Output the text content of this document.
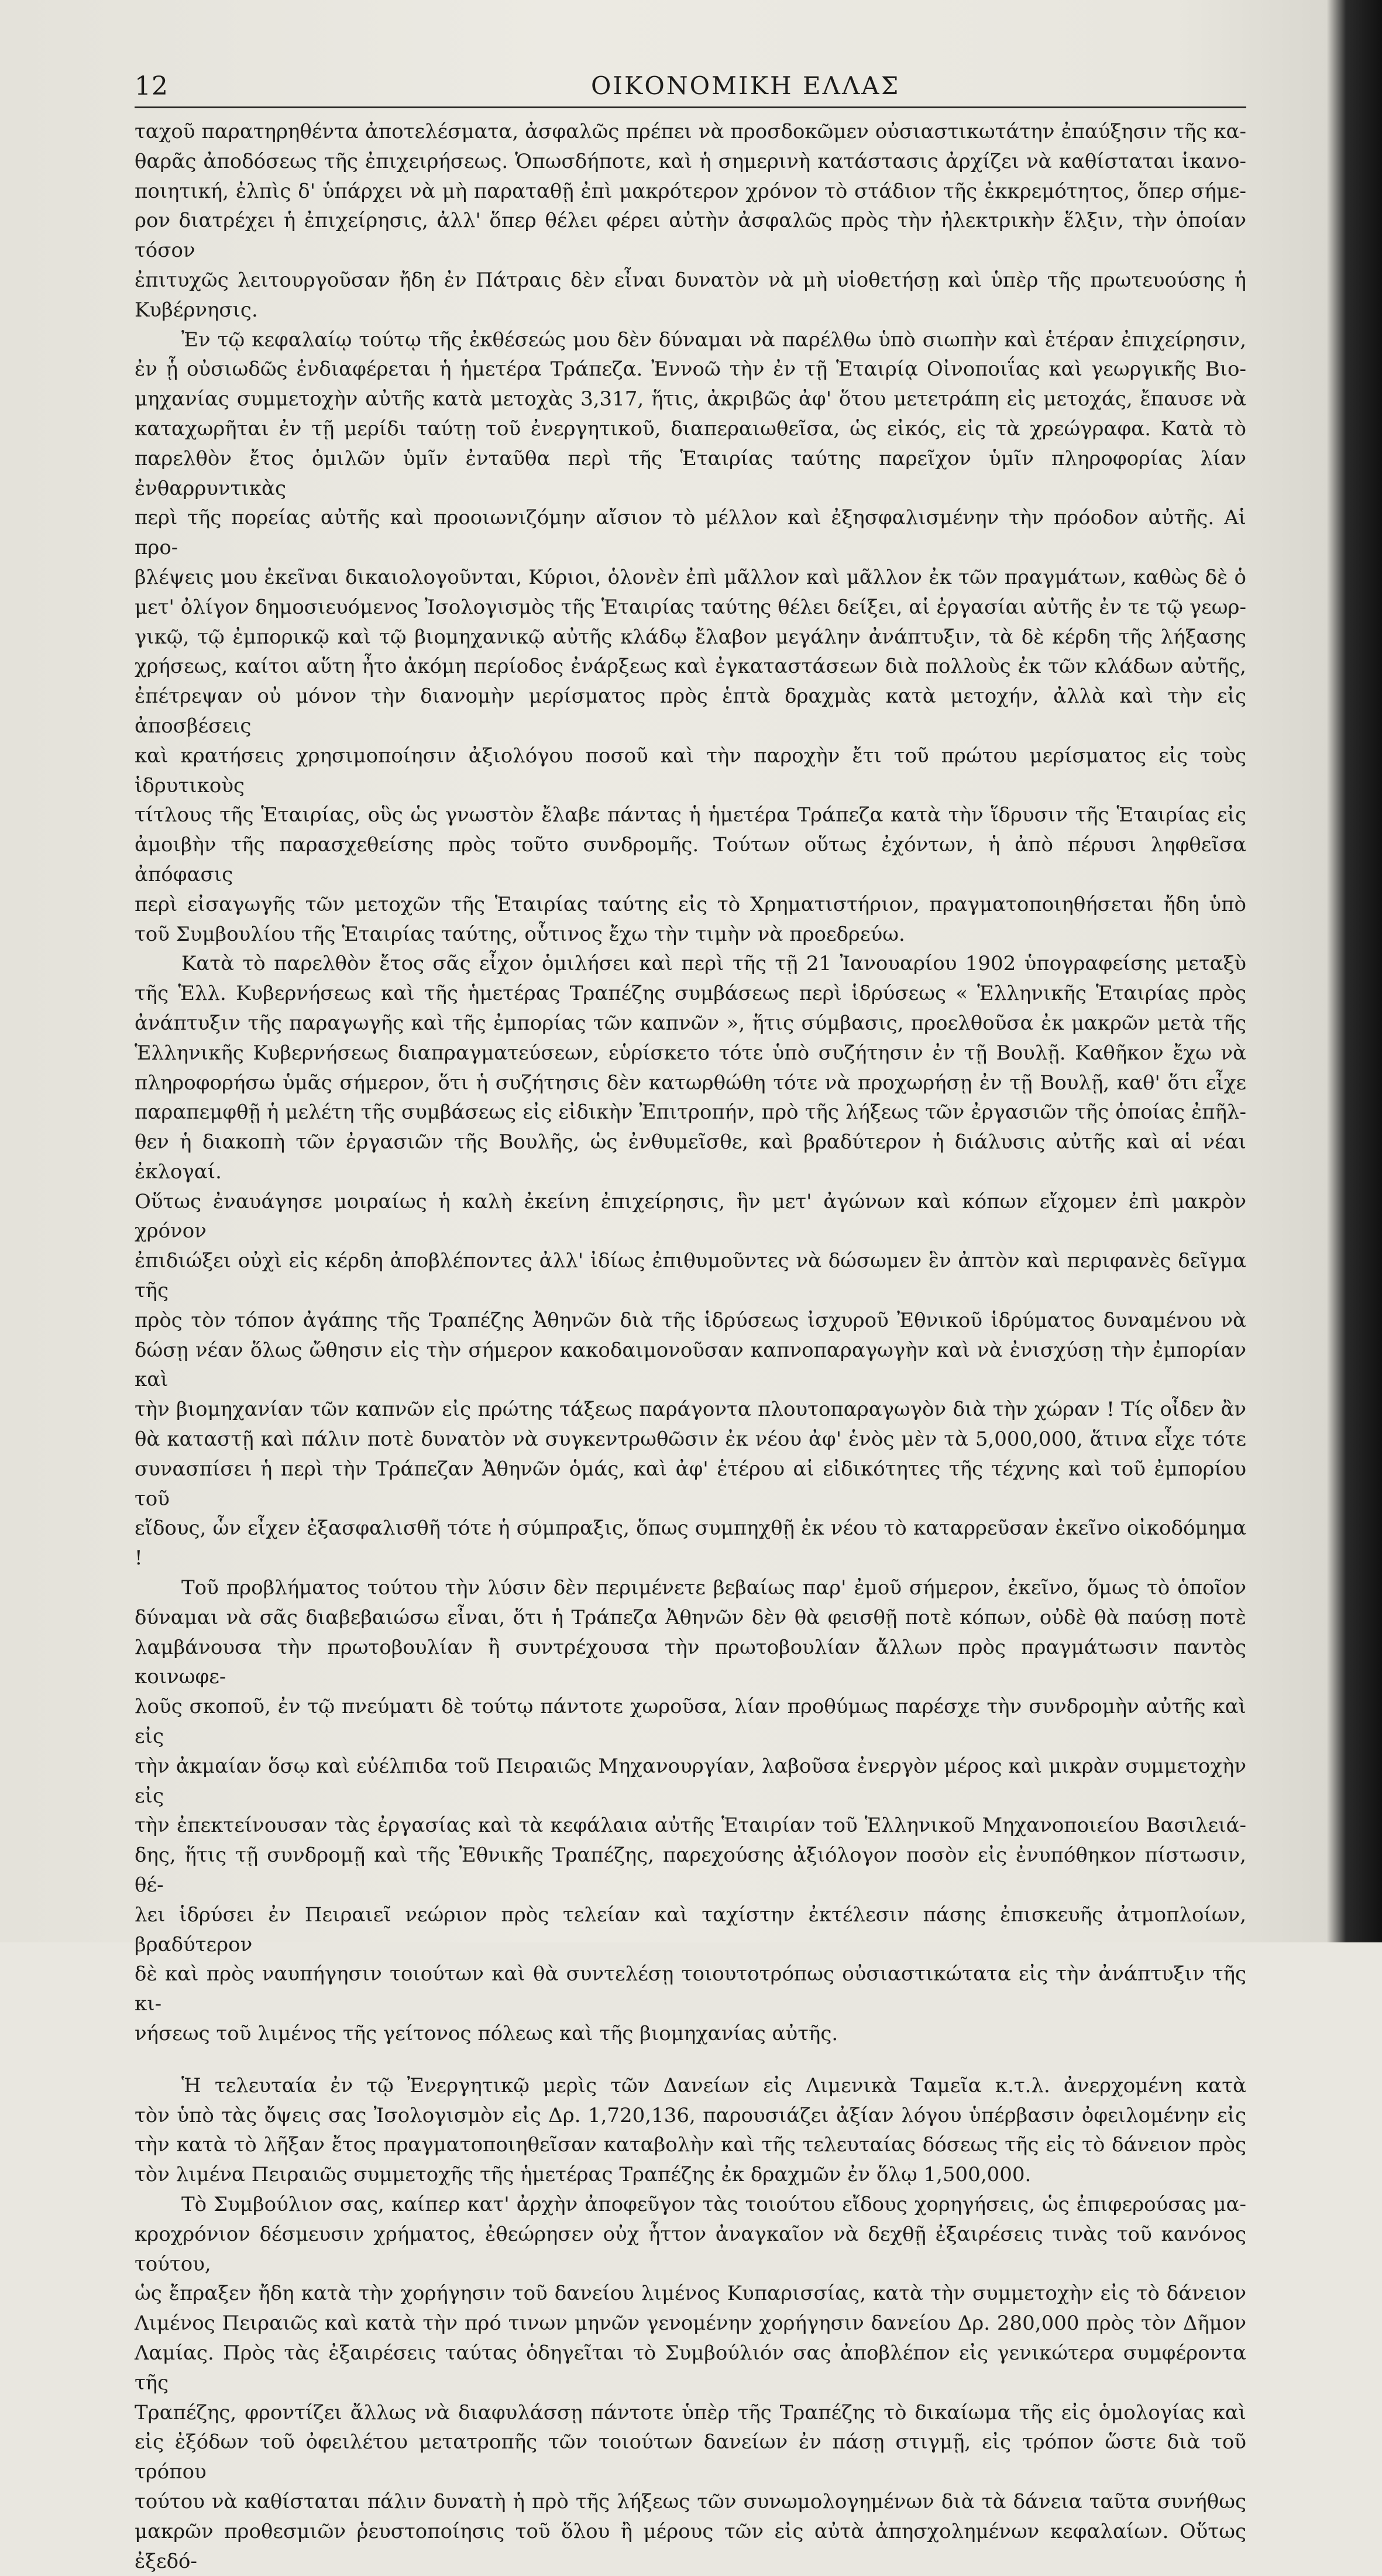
12	ΟΙΚΟΝΟΜΙΚΗ ΕΛΛΑΣ

ταχοῦ παρατηρηθέντα ἀποτελέσματα, ἀσφαλῶς πρέπει νὰ προσδοκῶμεν οὐσιαστικωτάτην ἐπαύξησιν τῆς κα-

θαρᾶς ἀποδόσεως τῆς ἐπιχειρήσεως. Ὁπωσδήποτε, καὶ ἡ σημερινὴ κατάστασις ἀρχίζει νὰ καθίσταται ἱκανο-

ποιητική, ἐλπὶς δ' ὑπάρχει νὰ μὴ παραταθῇ ἐπὶ μακρότερον χρόνον τὸ στάδιον τῆς ἐκκρεμότητος, ὅπερ σήμε-

ρον διατρέχει ἡ ἐπιχείρησις, ἀλλ' ὅπερ θέλει φέρει αὐτὴν ἀσφαλῶς πρὸς τὴν ἠλεκτρικὴν ἕλξιν, τὴν ὁποίαν τόσον

ἐπιτυχῶς λειτουργοῦσαν ἤδη ἐν Πάτραις δὲν εἶναι δυνατὸν νὰ μὴ υἱοθετήσῃ καὶ ὑπὲρ τῆς πρωτευούσης ἡ

Κυβέρνησις.

Ἐν τῷ κεφαλαίῳ τούτῳ τῆς ἐκθέσεώς μου δὲν δύναμαι νὰ παρέλθω ὑπὸ σιωπὴν καὶ ἑτέραν ἐπιχείρησιν,

ἐν ᾗ οὐσιωδῶς ἐνδιαφέρεται ἡ ἡμετέρα Τράπεζα. Ἐννοῶ τὴν ἐν τῇ Ἑταιρίᾳ Οἰνοποιΐας καὶ γεωργικῆς Βιο-

μηχανίας συμμετοχὴν αὐτῆς κατὰ μετοχὰς 3,317, ἥτις, ἀκριβῶς ἀφ' ὅτου μετετράπη εἰς μετοχάς, ἔπαυσε νὰ

καταχωρῆται ἐν τῇ μερίδι ταύτῃ τοῦ ἐνεργητικοῦ, διαπεραιωθεῖσα, ὡς εἰκός, εἰς τὰ χρεώγραφα. Κατὰ τὸ

παρελθὸν ἔτος ὁμιλῶν ὑμῖν ἐνταῦθα περὶ τῆς Ἑταιρίας ταύτης παρεῖχον ὑμῖν πληροφορίας λίαν ἐνθαρρυντικὰς

περὶ τῆς πορείας αὐτῆς καὶ προοιωνιζόμην αἴσιον τὸ μέλλον καὶ ἐξησφαλισμένην τὴν πρόοδον αὐτῆς. Αἱ προ-

βλέψεις μου ἐκεῖναι δικαιολογοῦνται, Κύριοι, ὁλονὲν ἐπὶ μᾶλλον καὶ μᾶλλον ἐκ τῶν πραγμάτων, καθὼς δὲ ὁ

μετ' ὀλίγον δημοσιευόμενος Ἰσολογισμὸς τῆς Ἑταιρίας ταύτης θέλει δείξει, αἱ ἐργασίαι αὐτῆς ἐν τε τῷ γεωρ-

γικῷ, τῷ ἐμπορικῷ καὶ τῷ βιομηχανικῷ αὐτῆς κλάδῳ ἔλαβον μεγάλην ἀνάπτυξιν, τὰ δὲ κέρδη τῆς λήξασης

χρήσεως, καίτοι αὕτη ἦτο ἀκόμη περίοδος ἐνάρξεως καὶ ἐγκαταστάσεων διὰ πολλοὺς ἐκ τῶν κλάδων αὐτῆς,

ἐπέτρεψαν οὐ μόνον τὴν διανομὴν μερίσματος πρὸς ἑπτὰ δραχμὰς κατὰ μετοχήν, ἀλλὰ καὶ τὴν εἰς ἀποσβέσεις

καὶ κρατήσεις χρησιμοποίησιν ἀξιολόγου ποσοῦ καὶ τὴν παροχὴν ἔτι τοῦ πρώτου μερίσματος εἰς τοὺς ἱδρυτικοὺς

τίτλους τῆς Ἑταιρίας, οὓς ὡς γνωστὸν ἔλαβε πάντας ἡ ἡμετέρα Τράπεζα κατὰ τὴν ἵδρυσιν τῆς Ἑταιρίας εἰς

ἀμοιβὴν τῆς παρασχεθείσης πρὸς τοῦτο συνδρομῆς. Τούτων οὕτως ἐχόντων, ἡ ἀπὸ πέρυσι ληφθεῖσα ἀπόφασις

περὶ εἰσαγωγῆς τῶν μετοχῶν τῆς Ἑταιρίας ταύτης εἰς τὸ Χρηματιστήριον, πραγματοποιηθήσεται ἤδη ὑπὸ

τοῦ Συμβουλίου τῆς Ἑταιρίας ταύτης, οὗτινος ἔχω τὴν τιμὴν νὰ προεδρεύω.

Κατὰ τὸ παρελθὸν ἔτος σᾶς εἶχον ὁμιλήσει καὶ περὶ τῆς τῇ 21 Ἰανουαρίου 1902 ὑπογραφείσης μεταξὺ

τῆς Ἑλλ. Κυβερνήσεως καὶ τῆς ἡμετέρας Τραπέζης συμβάσεως περὶ ἱδρύσεως « Ἑλληνικῆς Ἑταιρίας πρὸς

ἀνάπτυξιν τῆς παραγωγῆς καὶ τῆς ἐμπορίας τῶν καπνῶν », ἥτις σύμβασις, προελθοῦσα ἐκ μακρῶν μετὰ τῆς

Ἑλληνικῆς Κυβερνήσεως διαπραγματεύσεων, εὑρίσκετο τότε ὑπὸ συζήτησιν ἐν τῇ Βουλῇ. Καθῆκον ἔχω νὰ

πληροφορήσω ὑμᾶς σήμερον, ὅτι ἡ συζήτησις δὲν κατωρθώθη τότε νὰ προχωρήσῃ ἐν τῇ Βουλῇ, καθ' ὅτι εἶχε

παραπεμφθῇ ἡ μελέτη τῆς συμβάσεως εἰς εἰδικὴν Ἐπιτροπήν, πρὸ τῆς λήξεως τῶν ἐργασιῶν τῆς ὁποίας ἐπῆλ-

θεν ἡ διακοπὴ τῶν ἐργασιῶν τῆς Βουλῆς, ὡς ἐνθυμεῖσθε, καὶ βραδύτερον ἡ διάλυσις αὐτῆς καὶ αἱ νέαι ἐκλογαί.

Οὕτως ἐναυάγησε μοιραίως ἡ καλὴ ἐκείνη ἐπιχείρησις, ἣν μετ' ἀγώνων καὶ κόπων εἴχομεν ἐπὶ μακρὸν χρόνον

ἐπιδιώξει οὐχὶ εἰς κέρδη ἀποβλέποντες ἀλλ' ἰδίως ἐπιθυμοῦντες νὰ δώσωμεν ἓν ἀπτὸν καὶ περιφανὲς δεῖγμα τῆς

πρὸς τὸν τόπον ἀγάπης τῆς Τραπέζης Ἀθηνῶν διὰ τῆς ἱδρύσεως ἰσχυροῦ Ἐθνικοῦ ἱδρύματος δυναμένου νὰ

δώσῃ νέαν ὅλως ὤθησιν εἰς τὴν σήμερον κακοδαιμονοῦσαν καπνοπαραγωγὴν καὶ νὰ ἐνισχύσῃ τὴν ἐμπορίαν καὶ

τὴν βιομηχανίαν τῶν καπνῶν εἰς πρώτης τάξεως παράγοντα πλουτοπαραγωγὸν διὰ τὴν χώραν ! Τίς οἶδεν ἂν

θὰ καταστῇ καὶ πάλιν ποτὲ δυνατὸν νὰ συγκεντρωθῶσιν ἐκ νέου ἀφ' ἑνὸς μὲν τὰ 5,000,000, ἅτινα εἶχε τότε

συνασπίσει ἡ περὶ τὴν Τράπεζαν Ἀθηνῶν ὁμάς, καὶ ἀφ' ἑτέρου αἱ εἰδικότητες τῆς τέχνης καὶ τοῦ ἐμπορίου τοῦ

εἴδους, ὧν εἶχεν ἐξασφαλισθῆ τότε ἡ σύμπραξις, ὅπως συμπηχθῇ ἐκ νέου τὸ καταρρεῦσαν ἐκεῖνο οἰκοδόμημα !

Τοῦ προβλήματος τούτου τὴν λύσιν δὲν περιμένετε βεβαίως παρ' ἐμοῦ σήμερον, ἐκεῖνο, ὅμως τὸ ὁποῖον

δύναμαι νὰ σᾶς διαβεβαιώσω εἶναι, ὅτι ἡ Τράπεζα Ἀθηνῶν δὲν θὰ φεισθῇ ποτὲ κόπων, οὐδὲ θὰ παύσῃ ποτὲ

λαμβάνουσα τὴν πρωτοβουλίαν ἢ συντρέχουσα τὴν πρωτοβουλίαν ἄλλων πρὸς πραγμάτωσιν παντὸς κοινωφε-

λοῦς σκοποῦ, ἐν τῷ πνεύματι δὲ τούτῳ πάντοτε χωροῦσα, λίαν προθύμως παρέσχε τὴν συνδρομὴν αὐτῆς καὶ εἰς

τὴν ἀκμαίαν ὅσῳ καὶ εὐέλπιδα τοῦ Πειραιῶς Μηχανουργίαν, λαβοῦσα ἐνεργὸν μέρος καὶ μικρὰν συμμετοχὴν εἰς

τὴν ἐπεκτείνουσαν τὰς ἐργασίας καὶ τὰ κεφάλαια αὐτῆς Ἑταιρίαν τοῦ Ἑλληνικοῦ Μηχανοποιείου Βασιλειά-

δης, ἥτις τῇ συνδρομῇ καὶ τῆς Ἐθνικῆς Τραπέζης, παρεχούσης ἀξιόλογον ποσὸν εἰς ἐνυπόθηκον πίστωσιν, θέ-

λει ἱδρύσει ἐν Πειραιεῖ νεώριον πρὸς τελείαν καὶ ταχίστην ἐκτέλεσιν πάσης ἐπισκευῆς ἀτμοπλοίων, βραδύτερον

δὲ καὶ πρὸς ναυπήγησιν τοιούτων καὶ θὰ συντελέσῃ τοιουτοτρόπως οὐσιαστικώτατα εἰς τὴν ἀνάπτυξιν τῆς κι-

νήσεως τοῦ λιμένος τῆς γείτονος πόλεως καὶ τῆς βιομηχανίας αὐτῆς.

Ἡ τελευταία ἐν τῷ Ἐνεργητικῷ μερὶς τῶν Δανείων εἰς Λιμενικὰ Ταμεῖα κ.τ.λ. ἀνερχομένη κατὰ

τὸν ὑπὸ τὰς ὄψεις σας Ἰσολογισμὸν εἰς Δρ. 1,720,136, παρουσιάζει ἀξίαν λόγου ὑπέρβασιν ὀφειλομένην εἰς

τὴν κατὰ τὸ λῆξαν ἔτος πραγματοποιηθεῖσαν καταβολὴν καὶ τῆς τελευταίας δόσεως τῆς εἰς τὸ δάνειον πρὸς

τὸν λιμένα Πειραιῶς συμμετοχῆς τῆς ἡμετέρας Τραπέζης ἐκ δραχμῶν ἐν ὅλῳ 1,500,000.

Τὸ Συμβούλιον σας, καίπερ κατ' ἀρχὴν ἀποφεῦγον τὰς τοιούτου εἴδους χορηγήσεις, ὡς ἐπιφερούσας μα-

κροχρόνιον δέσμευσιν χρήματος, ἐθεώρησεν οὐχ ἧττον ἀναγκαῖον νὰ δεχθῇ ἐξαιρέσεις τινὰς τοῦ κανόνος τούτου,

ὡς ἔπραξεν ἤδη κατὰ τὴν χορήγησιν τοῦ δανείου λιμένος Κυπαρισσίας, κατὰ τὴν συμμετοχὴν εἰς τὸ δάνειον

Λιμένος Πειραιῶς καὶ κατὰ τὴν πρό τινων μηνῶν γενομένην χορήγησιν δανείου Δρ. 280,000 πρὸς τὸν Δῆμον

Λαμίας. Πρὸς τὰς ἐξαιρέσεις ταύτας ὁδηγεῖται τὸ Συμβούλιόν σας ἀποβλέπον εἰς γενικώτερα συμφέροντα τῆς

Τραπέζης, φροντίζει ἄλλως νὰ διαφυλάσσῃ πάντοτε ὑπὲρ τῆς Τραπέζης τὸ δικαίωμα τῆς εἰς ὁμολογίας καὶ

εἰς ἐξόδων τοῦ ὀφειλέτου μετατροπῆς τῶν τοιούτων δανείων ἐν πάσῃ στιγμῇ, εἰς τρόπον ὥστε διὰ τοῦ τρόπου

τούτου νὰ καθίσταται πάλιν δυνατὴ ἡ πρὸ τῆς λήξεως τῶν συνωμολογημένων διὰ τὰ δάνεια ταῦτα συνήθως

μακρῶν προθεσμιῶν ῥευστοποίησις τοῦ ὅλου ἢ μέρους τῶν εἰς αὐτὰ ἀπησχολημένων κεφαλαίων. Οὕτως ἐξεδό-
